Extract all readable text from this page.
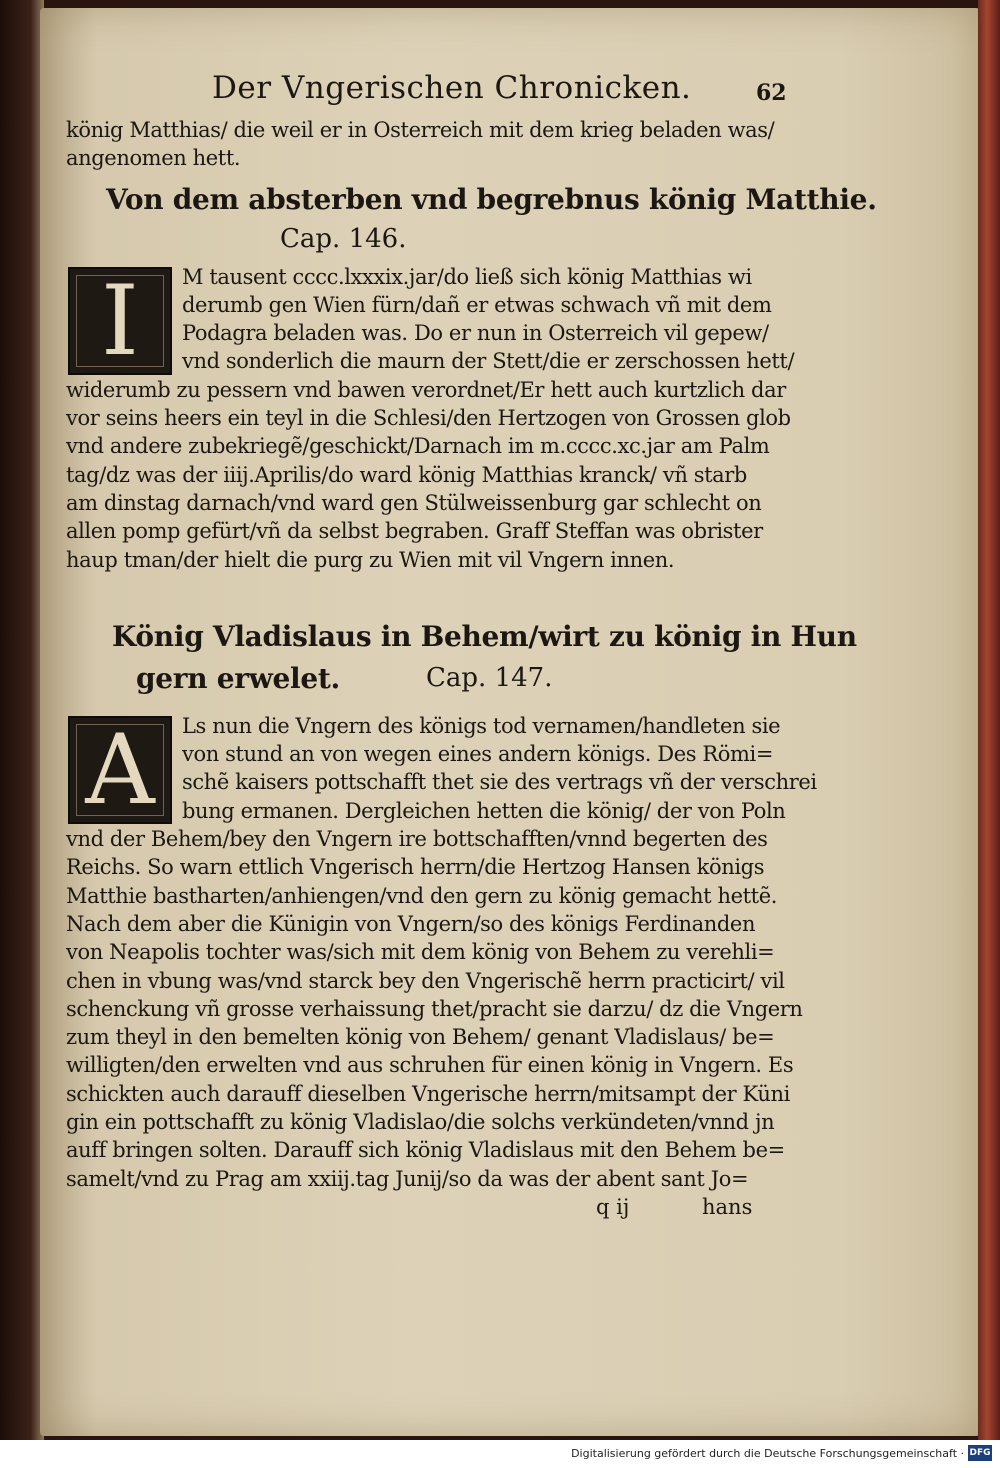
Der Vngerischen Chronicken.	62
könig Matthias/ die weil er in Osterreich mit dem krieg beladen was/
angenomen hett.
Von dem absterben vnd begrebnus könig Matthie.
Cap. 146.
I	M tausent cccc.lxxxix.jar/do ließ sich könig Matthias wi
derumb gen Wien fürn/dañ er etwas schwach vñ mit dem
Podagra beladen was. Do er nun in Osterreich vil gepew/
vnd sonderlich die maurn der Stett/die er zerschossen hett/
widerumb zu pessern vnd bawen verordnet/Er hett auch kurtzlich dar
vor seins heers ein teyl in die Schlesi/den Hertzogen von Grossen glob
vnd andere zubekriegẽ/geschickt/Darnach im m.cccc.xc.jar am Palm
tag/dz was der iiij.Aprilis/do ward könig Matthias kranck/ vñ starb
am dinstag darnach/vnd ward gen Stülweissenburg gar schlecht on
allen pomp gefürt/vñ da selbst begraben. Graff Steffan was obrister
haup tman/der hielt die purg zu Wien mit vil Vngern innen.
König Vladislaus in Behem/wirt zu könig in Hun
gern erwelet.	Cap. 147.
A	Ls nun die Vngern des königs tod vernamen/handleten sie
von stund an von wegen eines andern königs. Des Römi=
schẽ kaisers pottschafft thet sie des vertrags vñ der verschrei
bung ermanen. Dergleichen hetten die könig/ der von Poln
vnd der Behem/bey den Vngern ire bottschafften/vnnd begerten des
Reichs. So warn ettlich Vngerisch herrn/die Hertzog Hansen königs
Matthie bastharten/anhiengen/vnd den gern zu könig gemacht hettẽ.
Nach dem aber die Künigin von Vngern/so des königs Ferdinanden
von Neapolis tochter was/sich mit dem könig von Behem zu verehli=
chen in vbung was/vnd starck bey den Vngerischẽ herrn practicirt/ vil
schenckung vñ grosse verhaissung thet/pracht sie darzu/ dz die Vngern
zum theyl in den bemelten könig von Behem/ genant Vladislaus/ be=
willigten/den erwelten vnd aus schruhen für einen könig in Vngern. Es
schickten auch darauff dieselben Vngerische herrn/mitsampt der Küni
gin ein pottschafft zu könig Vladislao/die solchs verkündeten/vnnd jn
auff bringen solten. Darauff sich könig Vladislaus mit den Behem be=
samelt/vnd zu Prag am xxiij.tag Junij/so da was der abent sant Jo=
q ij	hans
Digitalisierung gefördert durch die Deutsche Forschungsgemeinschaft · DFG
